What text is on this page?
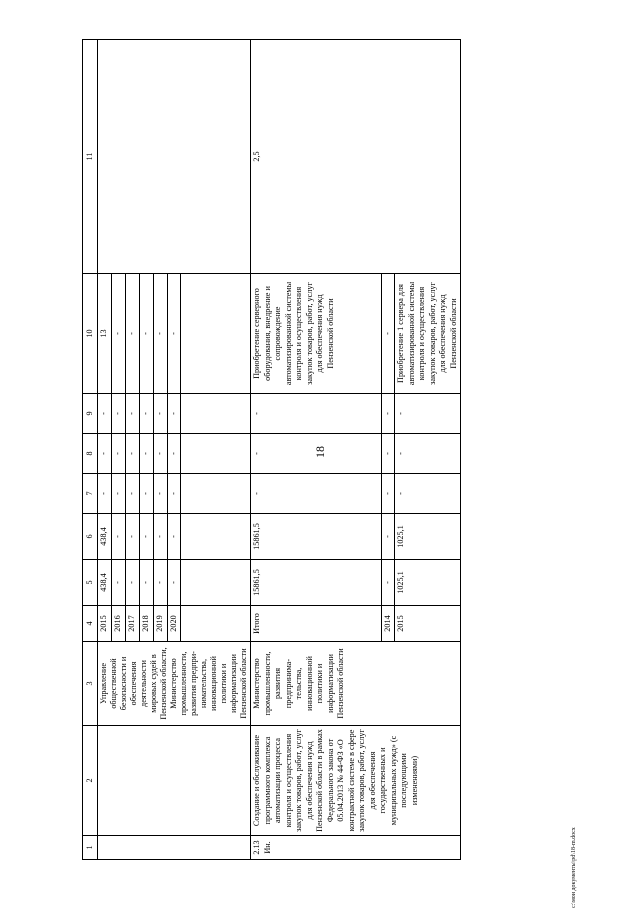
18
1	2	3	4	5	6	7	8	9	10	11
		Управление общественной безопасности и обеспечения деятельности мировых судей в Пензенской области, Министерство промышленности, развития предпри-нимательства, инновационной политики и информатизации Пензенской области	2015	438,4	438,4	-	-	-	13	
			2016	-	-	-	-	-	-	
			2017	-	-	-	-	-	-	
			2018	-	-	-	-	-	-	
			2019	-	-	-	-	-	-	
			2020	-	-	-	-	-	-	

2.13 Ин.	Создание и обслуживание программного комплекса автоматизации процесса контроля и осуществления закупок товаров, работ, услуг для обеспечения нужд Пензенской области в рамках Федерального закона от 05.04.2013 № 44-ФЗ «О контрактной системе в сфере закупок товаров, работ, услуг для обеспечения государственных и муниципальных нужд» (с последующими изменениями)	Министерство промышленности, развития предпринима-тельства, инновационной политики и информатизации Пензенской области	Итого	15861,5	15861,5	-	-	-	Приобретение серверного оборудования, внедрение и сопровождение автоматизированной системы контроля и осуществления закупок товаров, работ, услуг для обеспечения нужд Пензенской области	2,5
			2014	-	-	-	-	-	-	
			2015	1025,1	1025,1	-	-	-	Приобретение 1 сервера для автоматизированной системы контроля и осуществления закупок товаров, работ, услуг для обеспечения нужд Пензенской области	
c:\мои документы\pd\18-m.docx
